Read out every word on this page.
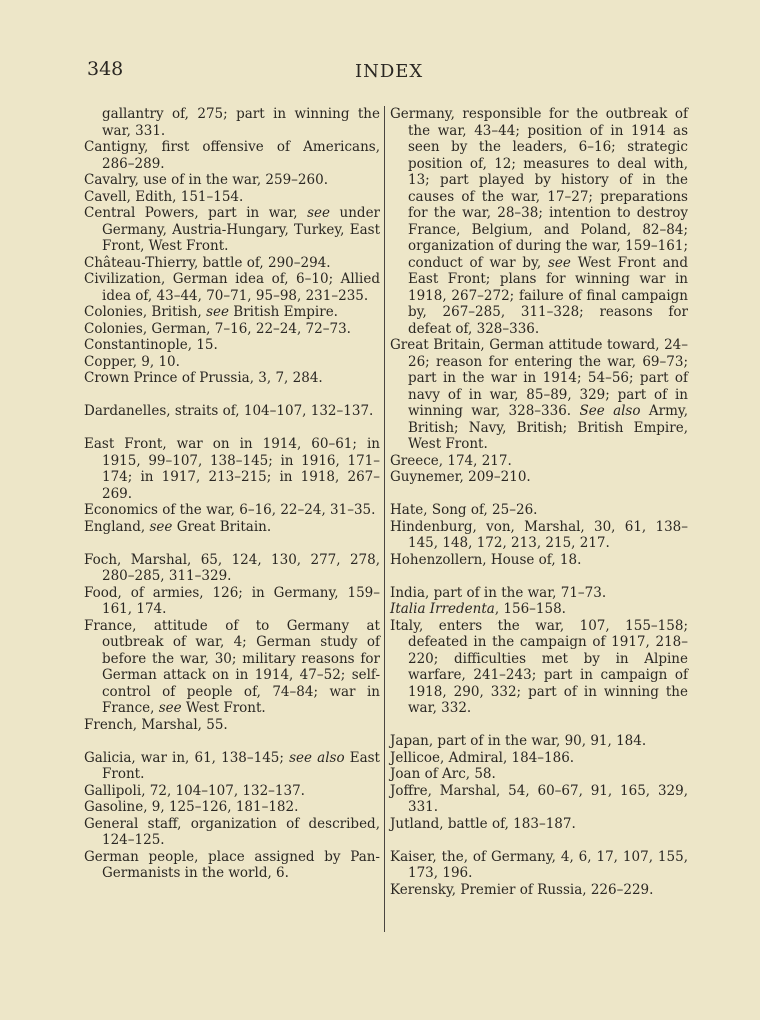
348	INDEX
gallantry of, 275; part in winning the war, 331.
Cantigny, first offensive of Americans, 286–289.
Cavalry, use of in the war, 259–260.
Cavell, Edith, 151–154.
Central Powers, part in war, see under Germany, Austria-Hungary, Turkey, East Front, West Front.
Château-Thierry, battle of, 290–294.
Civilization, German idea of, 6–10; Allied idea of, 43–44, 70–71, 95–98, 231–235.
Colonies, British, see British Empire.
Colonies, German, 7–16, 22–24, 72–73.
Constantinople, 15.
Copper, 9, 10.
Crown Prince of Prussia, 3, 7, 284.
Dardanelles, straits of, 104–107, 132–137.
East Front, war on in 1914, 60–61; in 1915, 99–107, 138–145; in 1916, 171–174; in 1917, 213–215; in 1918, 267–269.
Economics of the war, 6–16, 22–24, 31–35.
England, see Great Britain.
Foch, Marshal, 65, 124, 130, 277, 278, 280–285, 311–329.
Food, of armies, 126; in Germany, 159–161, 174.
France, attitude of to Germany at outbreak of war, 4; German study of before the war, 30; military reasons for German attack on in 1914, 47–52; self-control of people of, 74–84; war in France, see West Front.
French, Marshal, 55.
Galicia, war in, 61, 138–145; see also East Front.
Gallipoli, 72, 104–107, 132–137.
Gasoline, 9, 125–126, 181–182.
General staff, organization of described, 124–125.
German people, place assigned by Pan-Germanists in the world, 6.
Germany, responsible for the outbreak of the war, 43–44; position of in 1914 as seen by the leaders, 6–16; strategic position of, 12; measures to deal with, 13; part played by history of in the causes of the war, 17–27; preparations for the war, 28–38; intention to destroy France, Belgium, and Poland, 82–84; organization of during the war, 159–161; conduct of war by, see West Front and East Front; plans for winning war in 1918, 267–272; failure of final campaign by, 267–285, 311–328; reasons for defeat of, 328–336.
Great Britain, German attitude toward, 24–26; reason for entering the war, 69–73; part in the war in 1914; 54–56; part of navy of in war, 85–89, 329; part of in winning war, 328–336. See also Army, British; Navy, British; British Empire, West Front.
Greece, 174, 217.
Guynemer, 209–210.
Hate, Song of, 25–26.
Hindenburg, von, Marshal, 30, 61, 138–145, 148, 172, 213, 215, 217.
Hohenzollern, House of, 18.
India, part of in the war, 71–73.
Italia Irredenta, 156–158.
Italy, enters the war, 107, 155–158; defeated in the campaign of 1917, 218–220; difficulties met by in Alpine warfare, 241–243; part in campaign of 1918, 290, 332; part of in winning the war, 332.
Japan, part of in the war, 90, 91, 184.
Jellicoe, Admiral, 184–186.
Joan of Arc, 58.
Joffre, Marshal, 54, 60–67, 91, 165, 329, 331.
Jutland, battle of, 183–187.
Kaiser, the, of Germany, 4, 6, 17, 107, 155, 173, 196.
Kerensky, Premier of Russia, 226–229.
